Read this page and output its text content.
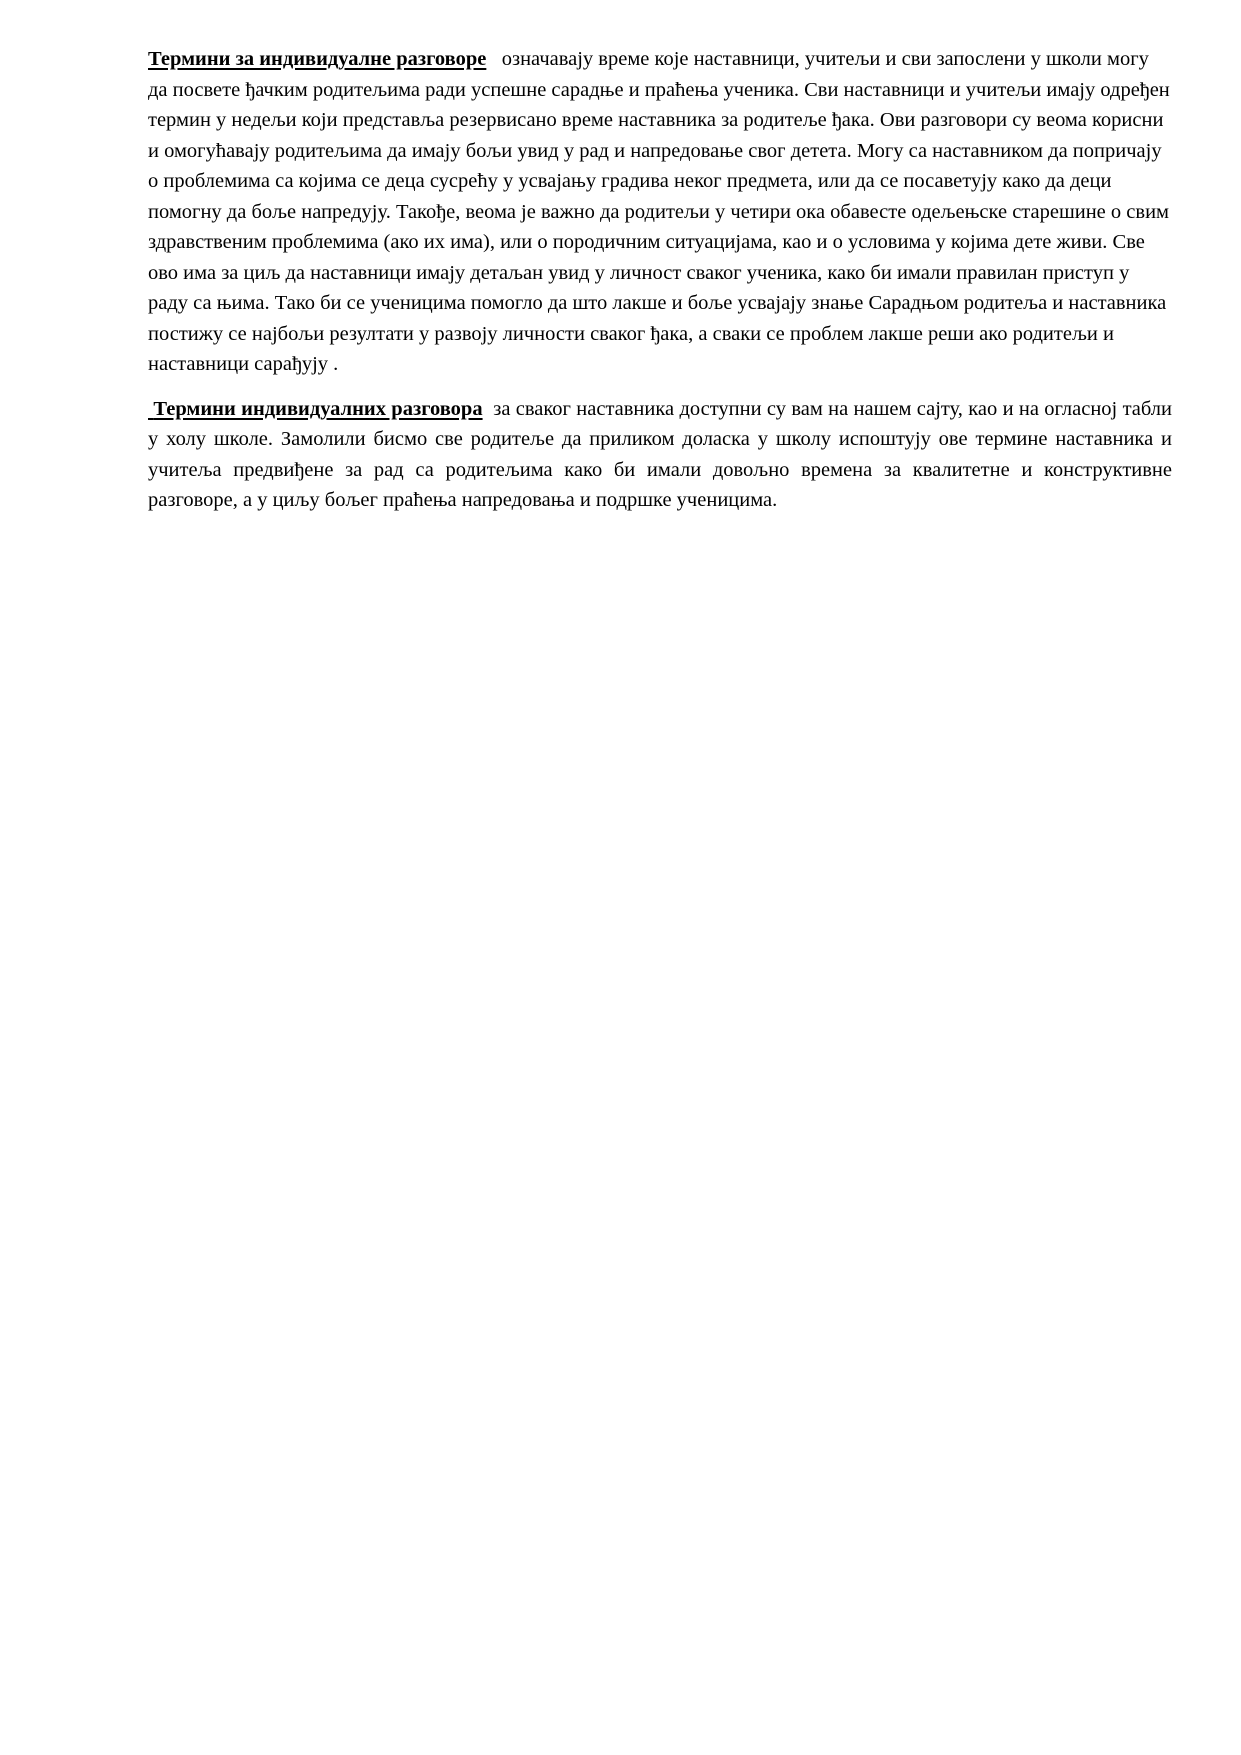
Термини за индивидуалне разговоре означавају време које наставници, учитељи и сви запослени у школи могу да посвете ђачким родитељима ради успешне сарадње и праћења ученика. Сви наставници и учитељи имају одређен термин у недељи који представља резервисано време наставника за родитеље ђака. Ови разговори су веома корисни и омогућавају родитељима да имају бољи увид у рад и напредовање свог детета. Могу са наставником да попричају о проблемима са којима се деца сусрећу у усвајању градива неког предмета, или да се посаветују како да деци помогну да боље напредују. Такође, веома је важно да родитељи у четири ока обавесте одељењске старешине о свим здравственим проблемима (ако их има), или о породичним ситуацијама, као и о условима у којима дете живи. Све ово има за циљ да наставници имају детаљан увид у личност сваког ученика, како би имали правилан приступ у раду са њима. Тако би се ученицима помогло да што лакше и боље усвајају знање Сарадњом родитеља и наставника постижу се најбољи резултати у развоју личности сваког ђака, а сваки се проблем лакше реши ако родитељи и наставници сарађују .

Термини индивидуалних разговора за сваког наставника доступни су вам на нашем сајту, као и на огласној табли у холу школе. Замолили бисмо све родитеље да приликом доласка у школу испоштују ове термине наставника и учитеља предвиђене за рад са родитељима како би имали довољно времена за квалитетне и конструктивне разговоре, а у циљу бољег праћења напредовања и подршке ученицима.
